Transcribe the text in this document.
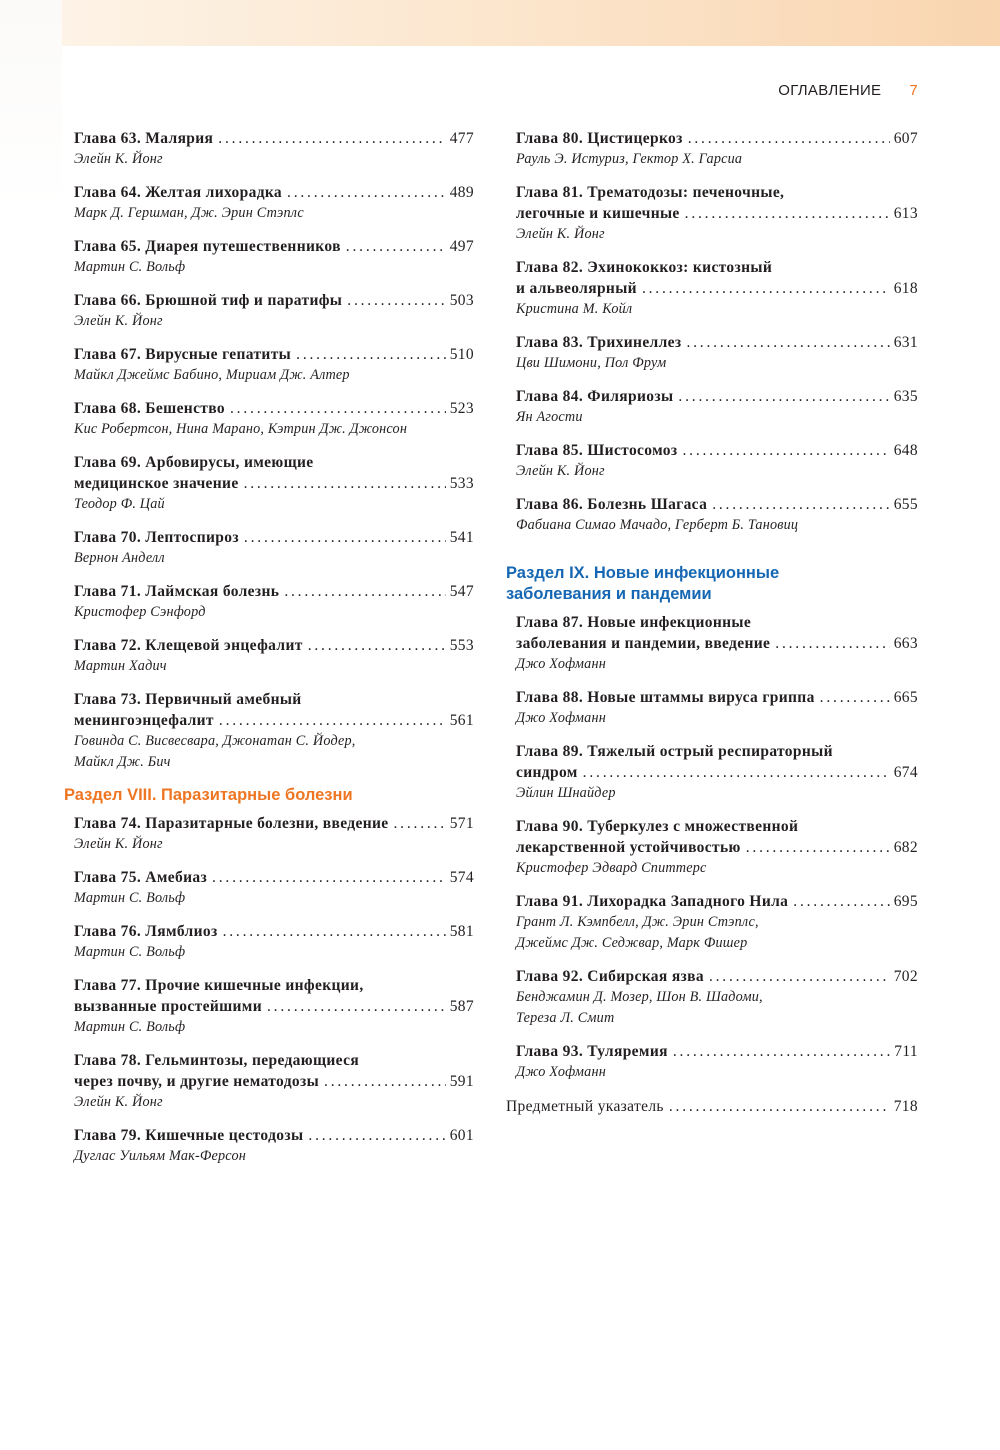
ОГЛАВЛЕНИЕ 7
Глава 63. Малярия .....	477
Элейн К. Йонг
Глава 64. Желтая лихорадка .....	489
Марк Д. Гершман, Дж. Эрин Стэплс
Глава 65. Диарея путешественников .....	497
Мартин С. Вольф
Глава 66. Брюшной тиф и паратифы .....	503
Элейн К. Йонг
Глава 67. Вирусные гепатиты .....	510
Майкл Джеймс Бабино, Мириам Дж. Алтер
Глава 68. Бешенство .....	523
Кис Робертсон, Нина Марано, Кэтрин Дж. Джонсон
Глава 69. Арбовирусы, имеющие
медицинское значение .....	533
Теодор Ф. Цай
Глава 70. Лептоспироз .....	541
Вернон Анделл
Глава 71. Лаймская болезнь .....	547
Кристофер Сэнфорд
Глава 72. Клещевой энцефалит .....	553
Мартин Хадич
Глава 73. Первичный амебный
менингоэнцефалит .....	561
Говинда С. Висвесвара, Джонатан С. Йодер,
Майкл Дж. Бич
Раздел VIII. Паразитарные болезни
Глава 74. Паразитарные болезни, введение .....	571
Элейн К. Йонг
Глава 75. Амебиаз .....	574
Мартин С. Вольф
Глава 76. Лямблиоз .....	581
Мартин С. Вольф
Глава 77. Прочие кишечные инфекции,
вызванные простейшими .....	587
Мартин С. Вольф
Глава 78. Гельминтозы, передающиеся
через почву, и другие нематодозы .....	591
Элейн К. Йонг
Глава 79. Кишечные цестодозы .....	601
Дуглас Уильям Мак-Ферсон
Глава 80. Цистицеркоз .....	607
Рауль Э. Истуриз, Гектор Х. Гарсиа
Глава 81. Трематодозы: печеночные,
легочные и кишечные .....	613
Элейн К. Йонг
Глава 82. Эхинококкоз: кистозный
и альвеолярный .....	618
Кристина М. Койл
Глава 83. Трихинеллез .....	631
Цви Шимони, Пол Фрум
Глава 84. Филяриозы .....	635
Ян Агости
Глава 85. Шистосомоз .....	648
Элейн К. Йонг
Глава 86. Болезнь Шагаса .....	655
Фабиана Симао Мачадо, Герберт Б. Тановиц
Раздел IX. Новые инфекционные
заболевания и пандемии
Глава 87. Новые инфекционные
заболевания и пандемии, введение .....	663
Джо Хофманн
Глава 88. Новые штаммы вируса гриппа .....	665
Джо Хофманн
Глава 89. Тяжелый острый респираторный
синдром .....	674
Эйлин Шнайдер
Глава 90. Туберкулез с множественной
лекарственной устойчивостью .....	682
Кристофер Эдвард Спиттерс
Глава 91. Лихорадка Западного Нила .....	695
Грант Л. Кэмпбелл, Дж. Эрин Стэплс,
Джеймс Дж. Седжвар, Марк Фишер
Глава 92. Сибирская язва .....	702
Бенджамин Д. Мозер, Шон В. Шадоми,
Тереза Л. Смит
Глава 93. Туляремия .....	711
Джо Хофманн
Предметный указатель .....	718
